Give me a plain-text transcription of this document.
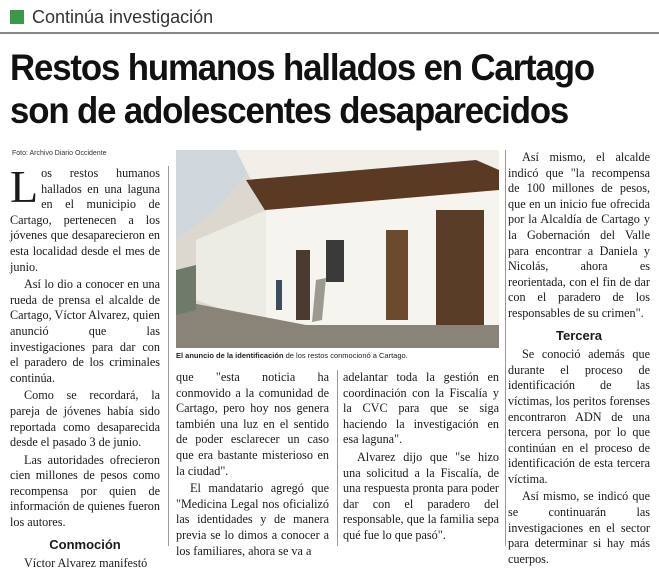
Continúa investigación
Restos humanos hallados en Cartago
son de adolescentes desaparecidos
Foto: Archivo Diario Occidente

Los restos humanos hallados en una laguna en el municipio de Cartago, pertenecen a los jóvenes que desaparecieron en esta localidad desde el mes de junio.

Así lo dio a conocer en una rueda de prensa el alcalde de Cartago, Víctor Alvarez, quien anunció que las investigaciones para dar con el paradero de los criminales continúa.

Como se recordará, la pareja de jóvenes había sido reportada como desaparecida desde el pasado 3 de junio.

Las autoridades ofrecieron cien millones de pesos como recompensa por quien de información de quienes fueron los autores.

Conmoción

Víctor Alvarez manifestó

El anuncio de la identificación de los restos conmocionó a Cartago.

que "esta noticia ha conmovido a la comunidad de Cartago, pero hoy nos genera también una luz en el sentido de poder esclarecer un caso que era bastante misterioso en la ciudad".

El mandatario agregó que "Medicina Legal nos oficializó las identidades y de manera previa se lo dimos a conocer a los familiares, ahora se va a

adelantar toda la gestión en coordinación con la Fiscalía y la CVC para que se siga haciendo la investigación en esa laguna".

Alvarez dijo que "se hizo una solicitud a la Fiscalía, de una respuesta pronta para poder dar con el paradero del responsable, que la familia sepa qué fue lo que pasó".

Así mismo, el alcalde indicó que "la recompensa de 100 millones de pesos, que en un inicio fue ofrecida por la Alcaldía de Cartago y la Gobernación del Valle para encontrar a Daniela y Nicolás, ahora es reorientada, con el fin de dar con el paradero de los responsables de su crimen".

Tercera

Se conoció además que durante el proceso de identificación de las víctimas, los peritos forenses encontraron ADN de una tercera persona, por lo que continúan en el proceso de identificación de esta tercera víctima.

Así mismo, se indicó que se continuarán las investigaciones en el sector para determinar si hay más cuerpos.
